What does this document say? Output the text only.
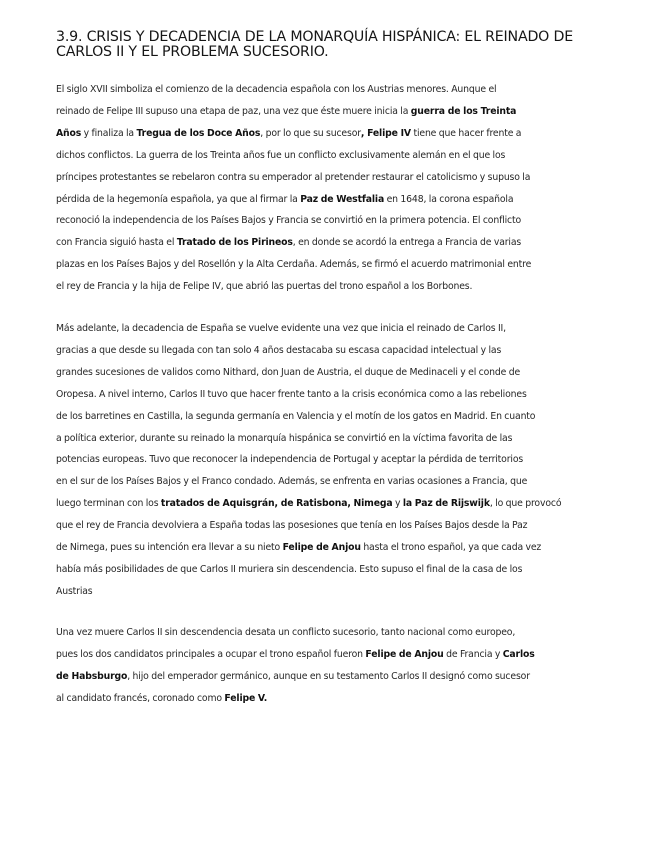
3.9. CRISIS Y DECADENCIA DE LA MONARQUÍA HISPÁNICA: EL REINADO DE
CARLOS II Y EL PROBLEMA SUCESORIO.

El siglo XVII simboliza el comienzo de la decadencia española con los Austrias menores. Aunque el
reinado de Felipe III supuso una etapa de paz, una vez que éste muere inicia la guerra de los Treinta
Años y finaliza la Tregua de los Doce Años, por lo que su sucesor, Felipe IV tiene que hacer frente a
dichos conflictos. La guerra de los Treinta años fue un conflicto exclusivamente alemán en el que los
príncipes protestantes se rebelaron contra su emperador al pretender restaurar el catolicismo y supuso la
pérdida de la hegemonía española, ya que al firmar la Paz de Westfalia en 1648, la corona española
reconoció la independencia de los Países Bajos y Francia se convirtió en la primera potencia. El conflicto
con Francia siguió hasta el Tratado de los Pirineos, en donde se acordó la entrega a Francia de varias
plazas en los Países Bajos y del Rosellón y la Alta Cerdaña. Además, se firmó el acuerdo matrimonial entre
el rey de Francia y la hija de Felipe IV, que abrió las puertas del trono español a los Borbones.

Más adelante, la decadencia de España se vuelve evidente una vez que inicia el reinado de Carlos II,
gracias a que desde su llegada con tan solo 4 años destacaba su escasa capacidad intelectual y las
grandes sucesiones de validos como Nithard, don Juan de Austria, el duque de Medinaceli y el conde de
Oropesa. A nivel interno, Carlos II tuvo que hacer frente tanto a la crisis económica como a las rebeliones
de los barretines en Castilla, la segunda germanía en Valencia y el motín de los gatos en Madrid. En cuanto
a política exterior, durante su reinado la monarquía hispánica se convirtió en la víctima favorita de las
potencias europeas. Tuvo que reconocer la independencia de Portugal y aceptar la pérdida de territorios
en el sur de los Países Bajos y el Franco condado. Además, se enfrenta en varias ocasiones a Francia, que
luego terminan con los tratados de Aquisgrán, de Ratisbona, Nimega y la Paz de Rijswijk, lo que provocó
que el rey de Francia devolviera a España todas las posesiones que tenía en los Países Bajos desde la Paz
de Nimega, pues su intención era llevar a su nieto Felipe de Anjou hasta el trono español, ya que cada vez
había más posibilidades de que Carlos II muriera sin descendencia. Esto supuso el final de la casa de los
Austrias

Una vez muere Carlos II sin descendencia desata un conflicto sucesorio, tanto nacional como europeo,
pues los dos candidatos principales a ocupar el trono español fueron Felipe de Anjou de Francia y Carlos
de Habsburgo, hijo del emperador germánico, aunque en su testamento Carlos II designó como sucesor
al candidato francés, coronado como Felipe V.
